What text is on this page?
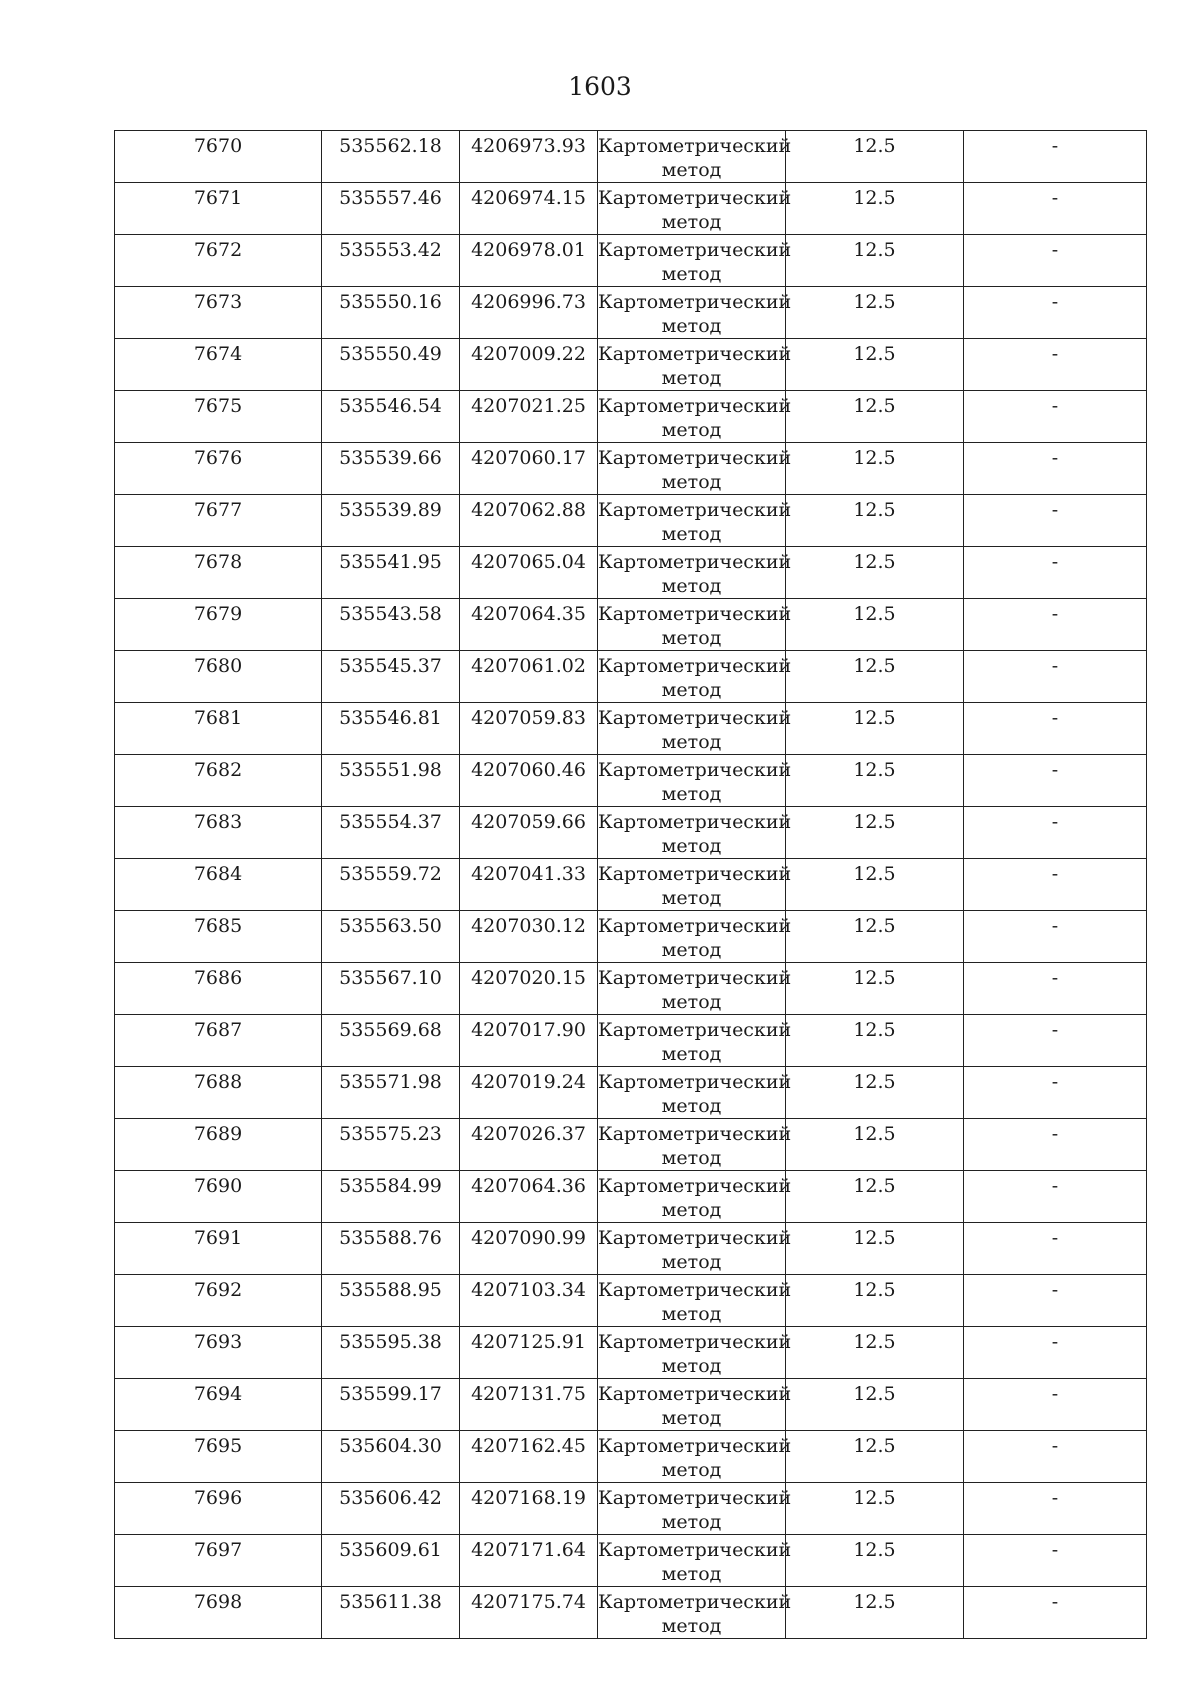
1603
7670	535562.18	4206973.93	Картометрический
метод	12.5	-
7671	535557.46	4206974.15	Картометрический
метод	12.5	-
7672	535553.42	4206978.01	Картометрический
метод	12.5	-
7673	535550.16	4206996.73	Картометрический
метод	12.5	-
7674	535550.49	4207009.22	Картометрический
метод	12.5	-
7675	535546.54	4207021.25	Картометрический
метод	12.5	-
7676	535539.66	4207060.17	Картометрический
метод	12.5	-
7677	535539.89	4207062.88	Картометрический
метод	12.5	-
7678	535541.95	4207065.04	Картометрический
метод	12.5	-
7679	535543.58	4207064.35	Картометрический
метод	12.5	-
7680	535545.37	4207061.02	Картометрический
метод	12.5	-
7681	535546.81	4207059.83	Картометрический
метод	12.5	-
7682	535551.98	4207060.46	Картометрический
метод	12.5	-
7683	535554.37	4207059.66	Картометрический
метод	12.5	-
7684	535559.72	4207041.33	Картометрический
метод	12.5	-
7685	535563.50	4207030.12	Картометрический
метод	12.5	-
7686	535567.10	4207020.15	Картометрический
метод	12.5	-
7687	535569.68	4207017.90	Картометрический
метод	12.5	-
7688	535571.98	4207019.24	Картометрический
метод	12.5	-
7689	535575.23	4207026.37	Картометрический
метод	12.5	-
7690	535584.99	4207064.36	Картометрический
метод	12.5	-
7691	535588.76	4207090.99	Картометрический
метод	12.5	-
7692	535588.95	4207103.34	Картометрический
метод	12.5	-
7693	535595.38	4207125.91	Картометрический
метод	12.5	-
7694	535599.17	4207131.75	Картометрический
метод	12.5	-
7695	535604.30	4207162.45	Картометрический
метод	12.5	-
7696	535606.42	4207168.19	Картометрический
метод	12.5	-
7697	535609.61	4207171.64	Картометрический
метод	12.5	-
7698	535611.38	4207175.74	Картометрический
метод	12.5	-
